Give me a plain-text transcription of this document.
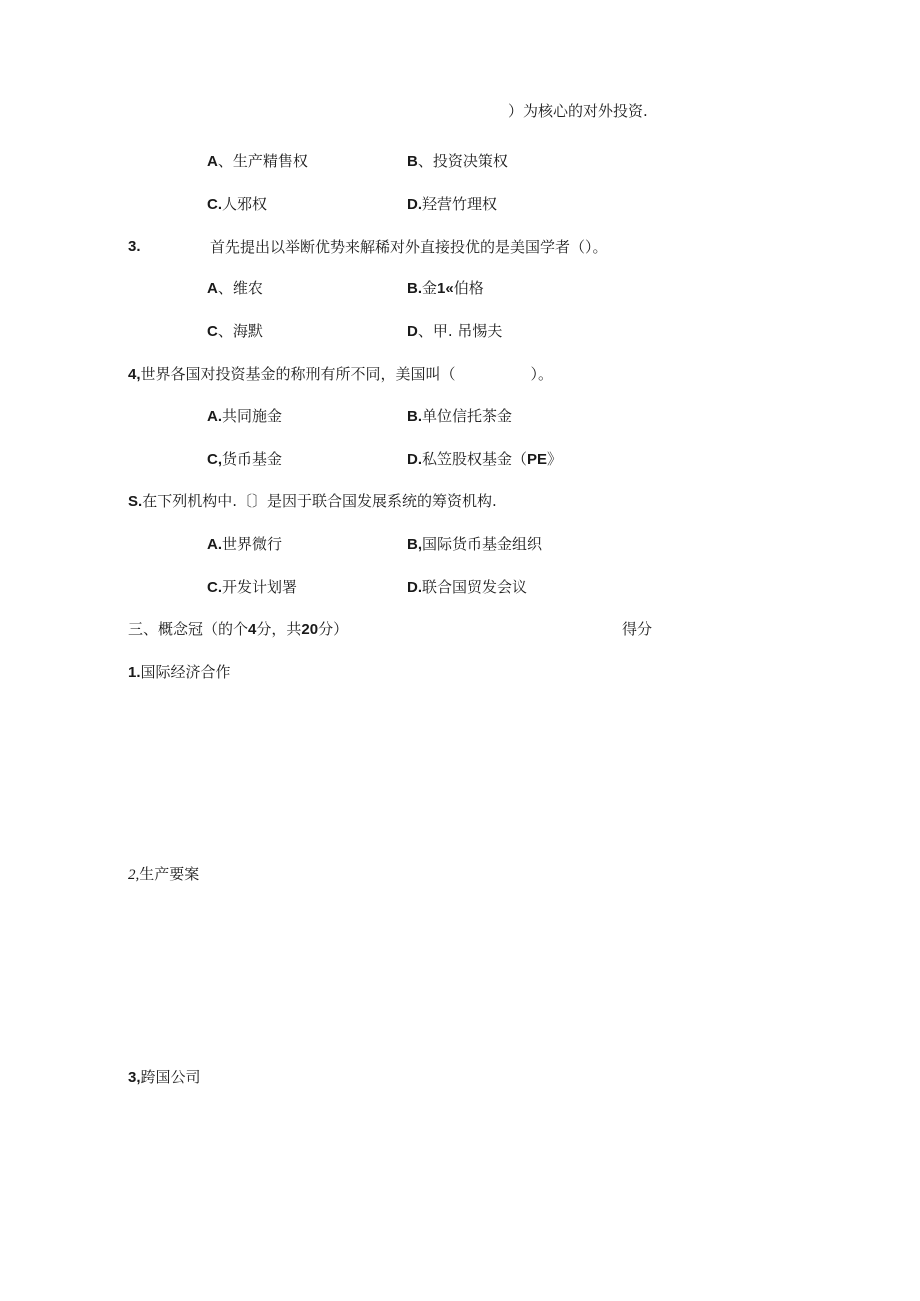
）为核心的对外投资.
A、生产精售权	B、投资决策权
C.人邪权	D.羟营竹理权
3.	首先提出以举断优势来解稀对外直接投优的是美国学者（）。
A、维农	B.金1«伯格
C、海默	D、甲. 吊惕夫
4,世界各国对投资基金的称刑有所不同，美国叫（　　　　　）。
A.共同施金	B.单位信托茶金
C,货币基金	D.私笠股权基金（PE》
S.在下列机构中.〔〕是因于联合国发展系统的筹资机构.
A.世界微行	B,国际货币基金组织
C.开发计划署	D.联合国贸发会议
三、概念冠（的个4分，共20分）	得分
1.国际经济合作
2,生产要案
3,跨国公司
